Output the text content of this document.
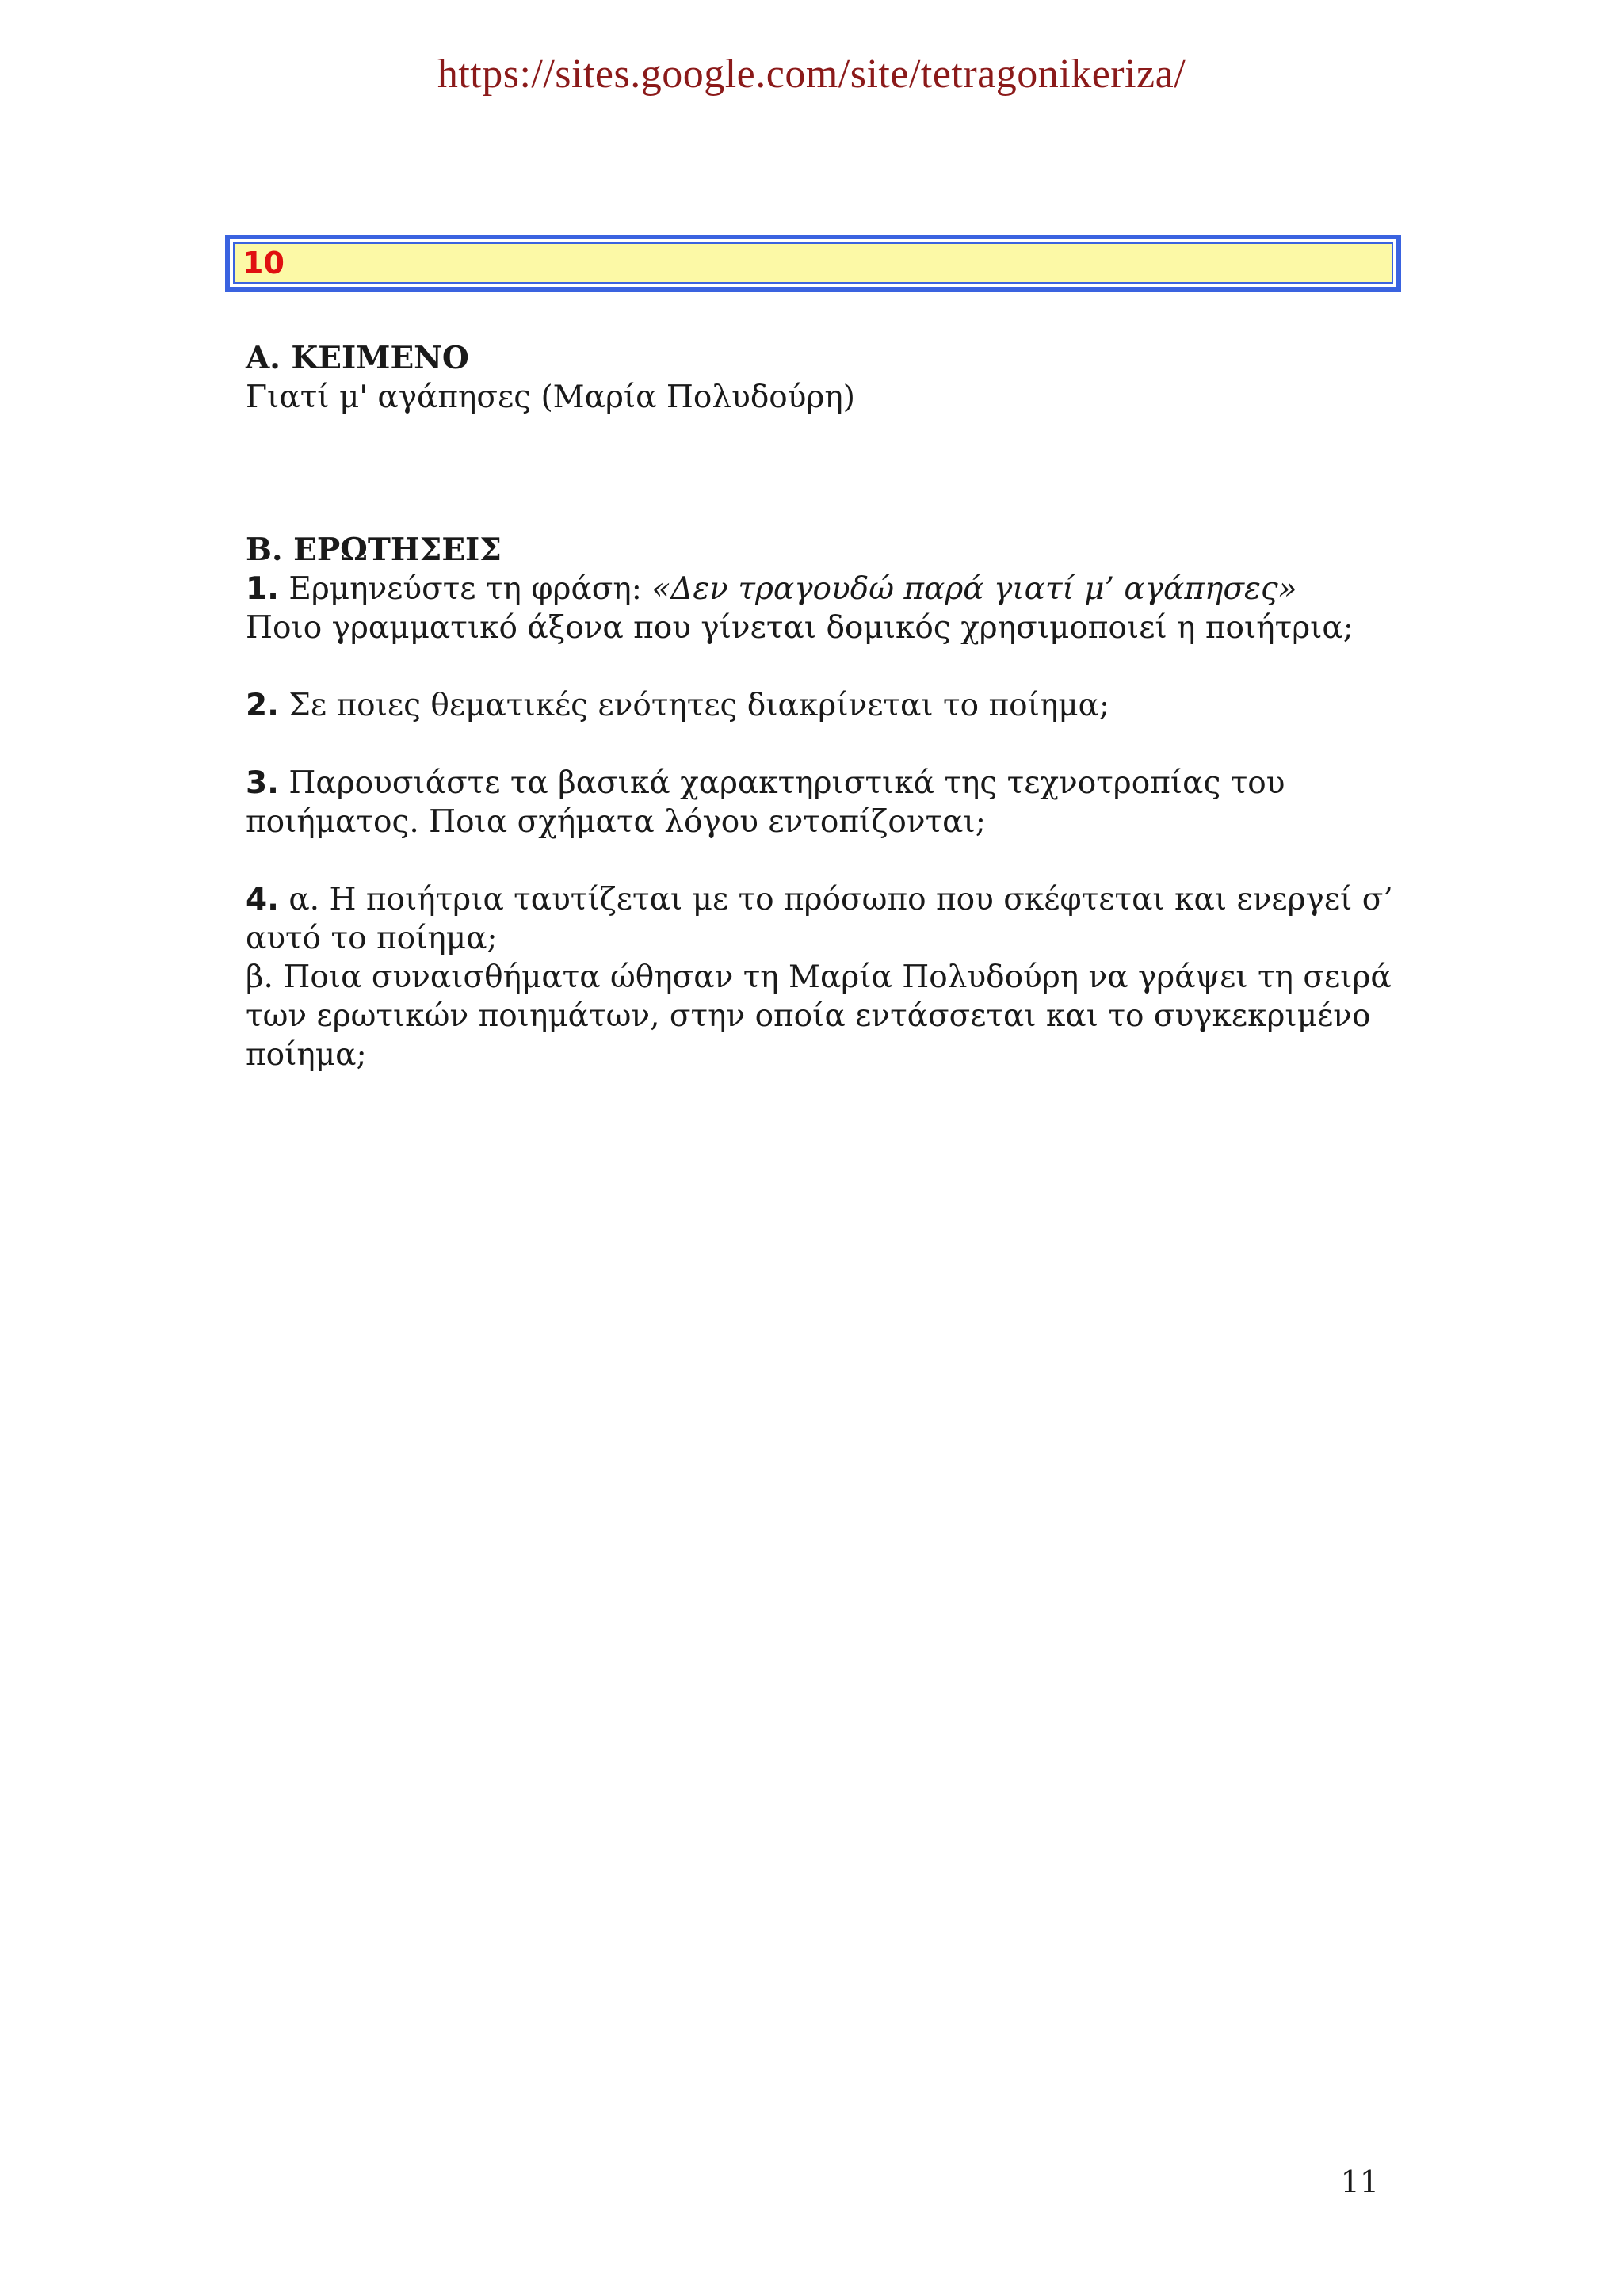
https://sites.google.com/site/tetragonikeriza/
10
Α. ΚΕΙΜΕΝΟ
Γιατί μ' αγάπησες (Μαρία Πολυδούρη)
Β. ΕΡΩΤΗΣΕΙΣ
1. Ερμηνεύστε τη φράση: «Δεν τραγουδώ παρά γιατί μ’ αγάπησες»
Ποιο γραμματικό άξονα που γίνεται δομικός χρησιμοποιεί η ποιήτρια;
2. Σε ποιες θεματικές ενότητες διακρίνεται το ποίημα;
3. Παρουσιάστε τα βασικά χαρακτηριστικά της τεχνοτροπίας του
ποιήματος. Ποια σχήματα λόγου εντοπίζονται;
4. α. Η ποιήτρια ταυτίζεται με το πρόσωπο που σκέφτεται και ενεργεί σ’
αυτό το ποίημα;
β. Ποια συναισθήματα ώθησαν τη Μαρία Πολυδούρη να γράψει τη σειρά
των ερωτικών ποιημάτων, στην οποία εντάσσεται και το συγκεκριμένο
ποίημα;
11
